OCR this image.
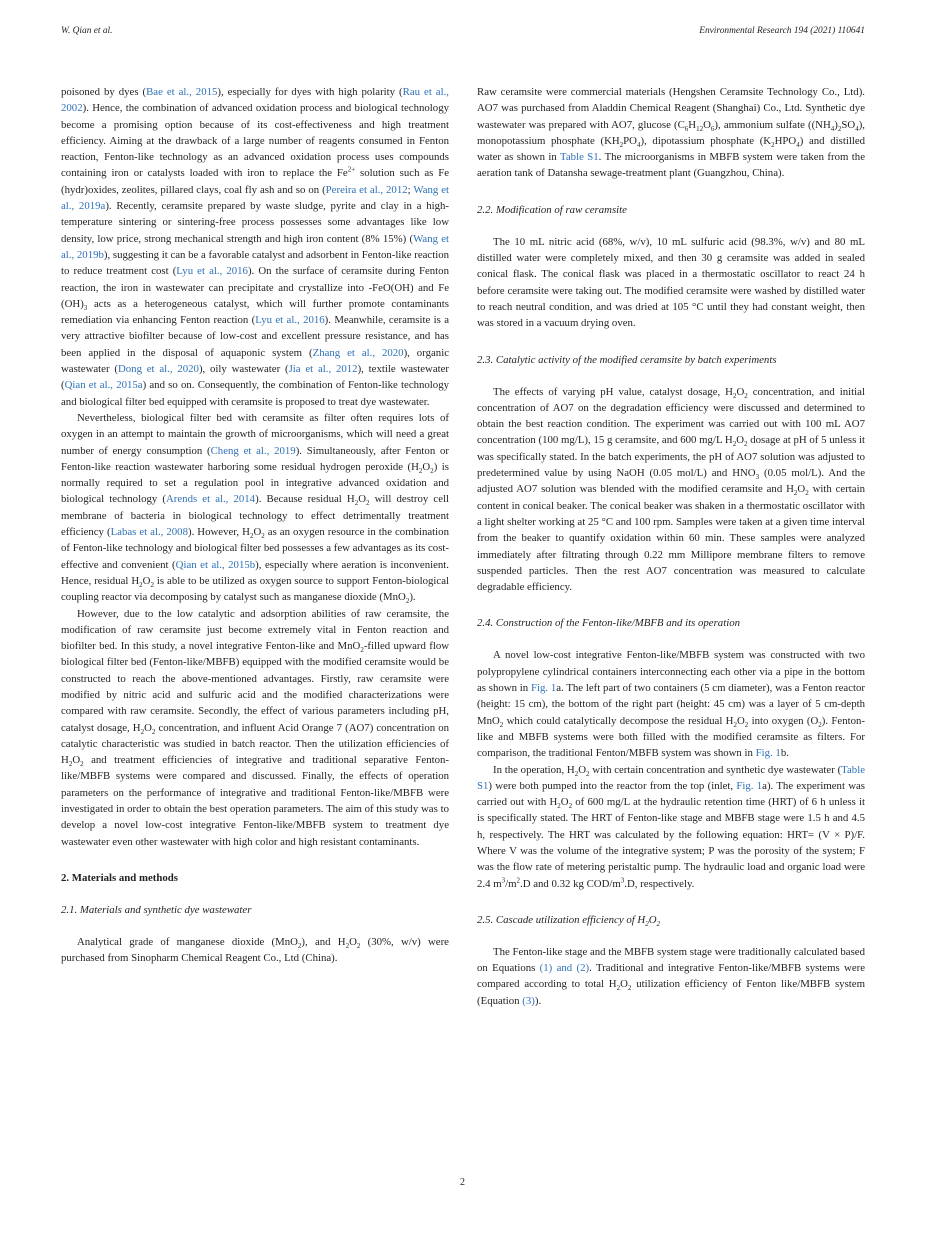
W. Qian et al.	Environmental Research 194 (2021) 110641

poisoned by dyes (Bae et al., 2015), especially for dyes with high polarity (Rau et al., 2002). Hence, the combination of advanced oxidation process and biological technology become a promising option because of its cost-effectiveness and high treatment efficiency. Aiming at the drawback of a large number of reagents consumed in Fenton reaction, Fenton-like technology as an advanced oxidation process uses compounds containing iron or catalysts loaded with iron to replace the $Fe^{2+}$ solution such as Fe (hydr)oxides, zeolites, pillared clays, coal fly ash and so on (Pereira et al., 2012; Wang et al., 2019a). Recently, ceramsite prepared by waste sludge, pyrite and clay in a high-temperature sintering or sintering-free process possesses some advantages like low density, low price, strong mechanical strength and high iron content (8% 15%) (Wang et al., 2019b), suggesting it can be a favorable catalyst and adsorbent in Fenton-like reaction to reduce treatment cost (Lyu et al., 2016). On the surface of ceramsite during Fenton reaction, the iron in wastewater can precipitate and crystallize into -FeO(OH) and Fe $(OH)_3$ acts as a heterogeneous catalyst, which will further promote contaminants remediation via enhancing Fenton reaction (Lyu et al., 2016). Meanwhile, ceramsite is a very attractive biofilter because of low-cost and excellent pressure resistance, and has been applied in the disposal of aquaponic system (Zhang et al., 2020), organic wastewater (Dong et al., 2020), oily wastewater (Jia et al., 2012), textile wastewater (Qian et al., 2015a) and so on. Consequently, the combination of Fenton-like technology and biological filter bed equipped with ceramsite is proposed to treat dye wastewater.

Nevertheless, biological filter bed with ceramsite as filter often requires lots of oxygen in an attempt to maintain the growth of microorganisms, which will need a great number of energy consumption (Cheng et al., 2019). Simultaneously, after Fenton or Fenton-like reaction wastewater harboring some residual hydrogen peroxide $(H_2O_2)$ is normally required to set a regulation pool in integrative advanced oxidation and biological technology (Arends et al., 2014). Because residual $H_2O_2$ will destroy cell membrane of bacteria in biological technology to effect detrimentally treatment efficiency (Labas et al., 2008). However, $H_2O_2$ as an oxygen resource in the combination of Fenton-like technology and biological filter bed possesses a few advantages as its cost-effective and convenient (Qian et al., 2015b), especially where aeration is inconvenient. Hence, residual $H_2O_2$ is able to be utilized as oxygen source to support Fenton-biological coupling reactor via decomposing by catalyst such as manganese dioxide (MnO$_2$).

However, due to the low catalytic and adsorption abilities of raw ceramsite, the modification of raw ceramsite just become extremely vital in Fenton reaction and biofilter bed. In this study, a novel integrative Fenton-like and MnO$_2$-filled upward flow biological filter bed (Fenton-like/MBFB) equipped with the modified ceramsite would be constructed to reach the above-mentioned advantages. Firstly, raw ceramsite were modified by nitric acid and sulfuric acid and the modified characterizations were compared with raw ceramsite. Secondly, the effect of various parameters including pH, catalyst dosage, $H_2O_2$ concentration, and influent Acid Orange 7 (AO7) concentration on catalytic characteristic was studied in batch reactor. Then the utilization efficiencies of $H_2O_2$ and treatment efficiencies of integrative and traditional separative Fenton-like/MBFB systems were compared and discussed. Finally, the effects of operation parameters on the performance of integrative and traditional Fenton-like/MBFB were investigated in order to obtain the best operation parameters. The aim of this study was to develop a novel low-cost integrative Fenton-like/MBFB system to treatment dye wastewater even other wastewater with high color and high resistant contaminants.

2. Materials and methods
2.1. Materials and synthetic dye wastewater

Analytical grade of manganese dioxide (MnO$_2$), and $H_2O_2$ (30%, w/v) were purchased from Sinopharm Chemical Reagent Co., Ltd (China).

Raw ceramsite were commercial materials (Hengshen Ceramsite Technology Co., Ltd). AO7 was purchased from Aladdin Chemical Reagent (Shanghai) Co., Ltd. Synthetic dye wastewater was prepared with AO7, glucose $(C_6H_{12}O_6)$, ammonium sulfate $((NH_4)_2SO_4)$, monopotassium phosphate $(KH_2PO_4)$, dipotassium phosphate $(K_2HPO_4)$ and distilled water as shown in Table S1. The microorganisms in MBFB system were taken from the aeration tank of Datansha sewage-treatment plant (Guangzhou, China).

2.2. Modification of raw ceramsite

The 10 mL nitric acid (68%, w/v), 10 mL sulfuric acid (98.3%, w/v) and 80 mL distilled water were completely mixed, and then 30 g ceramsite was added in sealed conical flask. The conical flask was placed in a thermostatic oscillator to react 24 h before ceramsite were taking out. The modified ceramsite were washed by distilled water to reach neutral condition, and was dried at 105 °C until they had constant weight, then was stored in a vacuum drying oven.

2.3. Catalytic activity of the modified ceramsite by batch experiments

The effects of varying pH value, catalyst dosage, $H_2O_2$ concentration, and initial concentration of AO7 on the degradation efficiency were discussed and determined to obtain the best reaction condition. The experiment was carried out with 100 mL AO7 concentration (100 mg/L), 15 g ceramsite, and 600 mg/L $H_2O_2$ dosage at pH of 5 unless it was specifically stated. In the batch experiments, the pH of AO7 solution was adjusted to predetermined value by using NaOH (0.05 mol/L) and $HNO_3$ (0.05 mol/L). And the adjusted AO7 solution was blended with the modified ceramsite and $H_2O_2$ with certain content in conical beaker. The conical beaker was shaken in a thermostatic oscillator with a light shelter working at 25 °C and 100 rpm. Samples were taken at a given time interval from the beaker to quantify oxidation within 60 min. These samples were analyzed immediately after filtrating through 0.22 mm Millipore membrane filters to remove suspended particles. Then the rest AO7 concentration was measured to calculate degradable efficiency.

2.4. Construction of the Fenton-like/MBFB and its operation

A novel low-cost integrative Fenton-like/MBFB system was constructed with two polypropylene cylindrical containers interconnecting each other via a pipe in the bottom as shown in Fig. 1a. The left part of two containers (5 cm diameter), was a Fenton reactor (height: 15 cm), the bottom of the right part (height: 45 cm) was a layer of 5 cm-depth MnO$_2$ which could catalytically decompose the residual $H_2O_2$ into oxygen $(O_2)$. Fenton-like and MBFB systems were both filled with the modified ceramsite as filters. For comparison, the traditional Fenton/MBFB system was shown in Fig. 1b.

In the operation, $H_2O_2$ with certain concentration and synthetic dye wastewater (Table S1) were both pumped into the reactor from the top (inlet, Fig. 1a). The experiment was carried out with $H_2O_2$ of 600 mg/L at the hydraulic retention time (HRT) of 6 h unless it is specifically stated. The HRT of Fenton-like stage and MBFB stage were 1.5 h and 4.5 h, respectively. The HRT was calculated by the following equation: HRT= (V × P)/F. Where V was the volume of the integrative system; P was the porosity of the system; F was the flow rate of metering peristaltic pump. The hydraulic load and organic load were 2.4 $m^3/m^2.D$ and 0.32 kg COD/$m^3.D$, respectively.

2.5. Cascade utilization efficiency of $H_2O_2$

The Fenton-like stage and the MBFB system stage were traditionally calculated based on Equations (1) and (2). Traditional and integrative Fenton-like/MBFB systems were compared according to total $H_2O_2$ utilization efficiency of Fenton like/MBFB system (Equation (3)).

2
